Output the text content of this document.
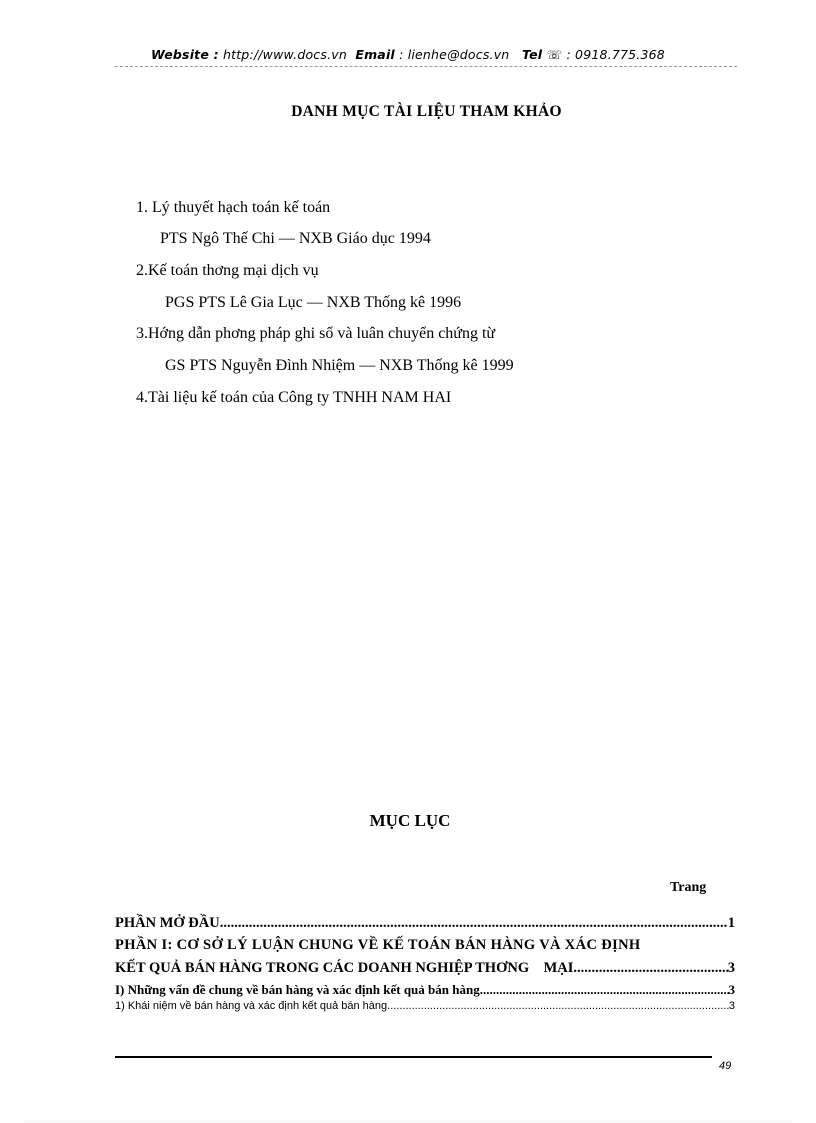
Website : http://www.docs.vn Email : lienhe@docs.vn Tel ☏ : 0918.775.368
DANH MỤC TÀI LIỆU THAM KHẢO
1. Lý thuyết hạch toán kế toán
PTS Ngô Thế Chi — NXB Giáo dục 1994
2.Kế toán thơng mại dịch vụ
PGS PTS Lê Gia Lục — NXB Thống kê 1996
3.Hớng dẫn phơng pháp ghi sổ và luân chuyển chứng từ
GS PTS Nguyễn Đình Nhiệm — NXB Thống kê 1999
4.Tài liệu kế toán của Công ty TNHH NAM HAI
MỤC LỤC
Trang
PHẦN MỞ ĐẦU .....	1
PHẦN I: CƠ SỞ LÝ LUẬN CHUNG VỀ KẾ TOÁN BÁN HÀNG VÀ XÁC ĐỊNH
KẾT QUẢ BÁN HÀNG TRONG CÁC DOANH NGHIỆP THƠNG    MẠI .....	3
I) Những vấn đề chung về bán hàng và xác định kết quả bán hàng. .....	3
1) Khái niệm về bán hàng và xác định kết quả bán hàng .....	3
49
